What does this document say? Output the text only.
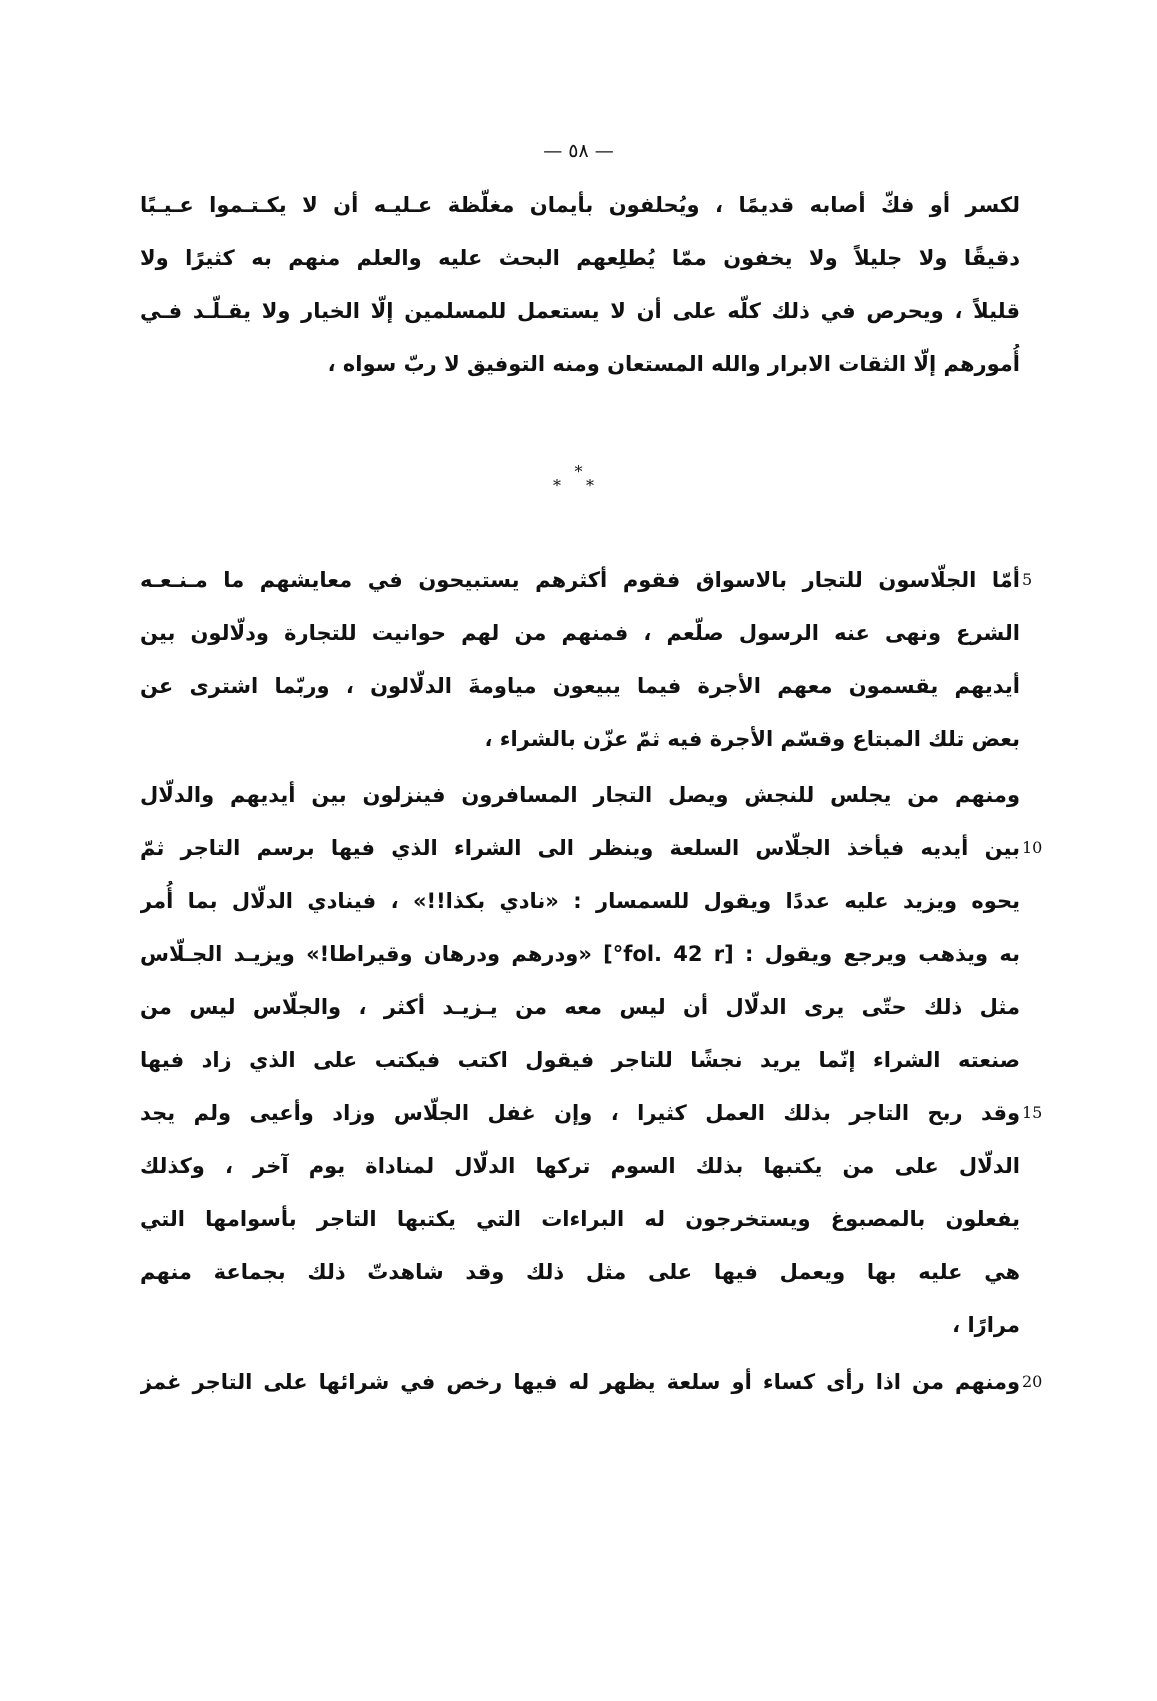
— ٥٨ —
لكسر أو فكّ أصابه قديمًا ، ويُحلفون بأيمان مغلّظة عـليـه أن لا يكـتـموا عـيـبًا
دقيقًا ولا جليلاً ولا يخفون ممّا يُطلِعهم البحث عليه والعلم منهم به كثيرًا ولا
قليلاً ، ويحرص في ذلك كلّه على أن لا يستعمل للمسلمين إلّا الخيار ولا يقـلّـد فـي
أُمورهم إلّا الثقات الابرار والله المستعان ومنه التوفيق لا ربّ سواه ،
*
* *
5
أمّا الجلّاسون للتجار بالاسواق فقوم أكثرهم يستبيحون في معايشهم ما مـنـعـه
الشرع ونهى عنه الرسول صلّعم ، فمنهم من لهم حوانيت للتجارة ودلّالون بين
أيديهم يقسمون معهم الأجرة فيما يبيعون مياومةَ الدلّالون ، وربّما اشترى عن
بعض تلك المبتاع وقسّم الأجرة فيه ثمّ عزّن بالشراء ،
ومنهم من يجلس للنجش ويصل التجار المسافرون فينزلون بين أيديهم والدلّال
10
بين أيديه فيأخذ الجلّاس السلعة وينظر الى الشراء الذي فيها برسم التاجر ثمّ
يحوه ويزيد عليه عددًا ويقول للسمسار : «نادي بكذا!!» ، فينادي الدلّال بما أُمر
به ويذهب ويرجع ويقول : [fol. 42 r°] «ودرهم ودرهان وقيراطا!» ويزيـد الجـلّاس
مثل ذلك حتّى يرى الدلّال أن ليس معه من يـزيـد أكثر ، والجلّاس ليس من
صنعته الشراء إنّما يريد نجشًا للتاجر فيقول اكتب فيكتب على الذي زاد فيها
15
وقد ربح التاجر بذلك العمل كثيرا ، وإن غفل الجلّاس وزاد وأعيى ولم يجد
الدلّال على من يكتبها بذلك السوم تركها الدلّال لمناداة يوم آخر ، وكذلك
يفعلون بالمصبوغ ويستخرجون له البراءات التي يكتبها التاجر بأسوامها التي
هي عليه بها ويعمل فيها على مثل ذلك وقد شاهدتّ ذلك بجماعة منهم
مرارًا ،
20
ومنهم من اذا رأى كساء أو سلعة يظهر له فيها رخص في شرائها على التاجر غمز
